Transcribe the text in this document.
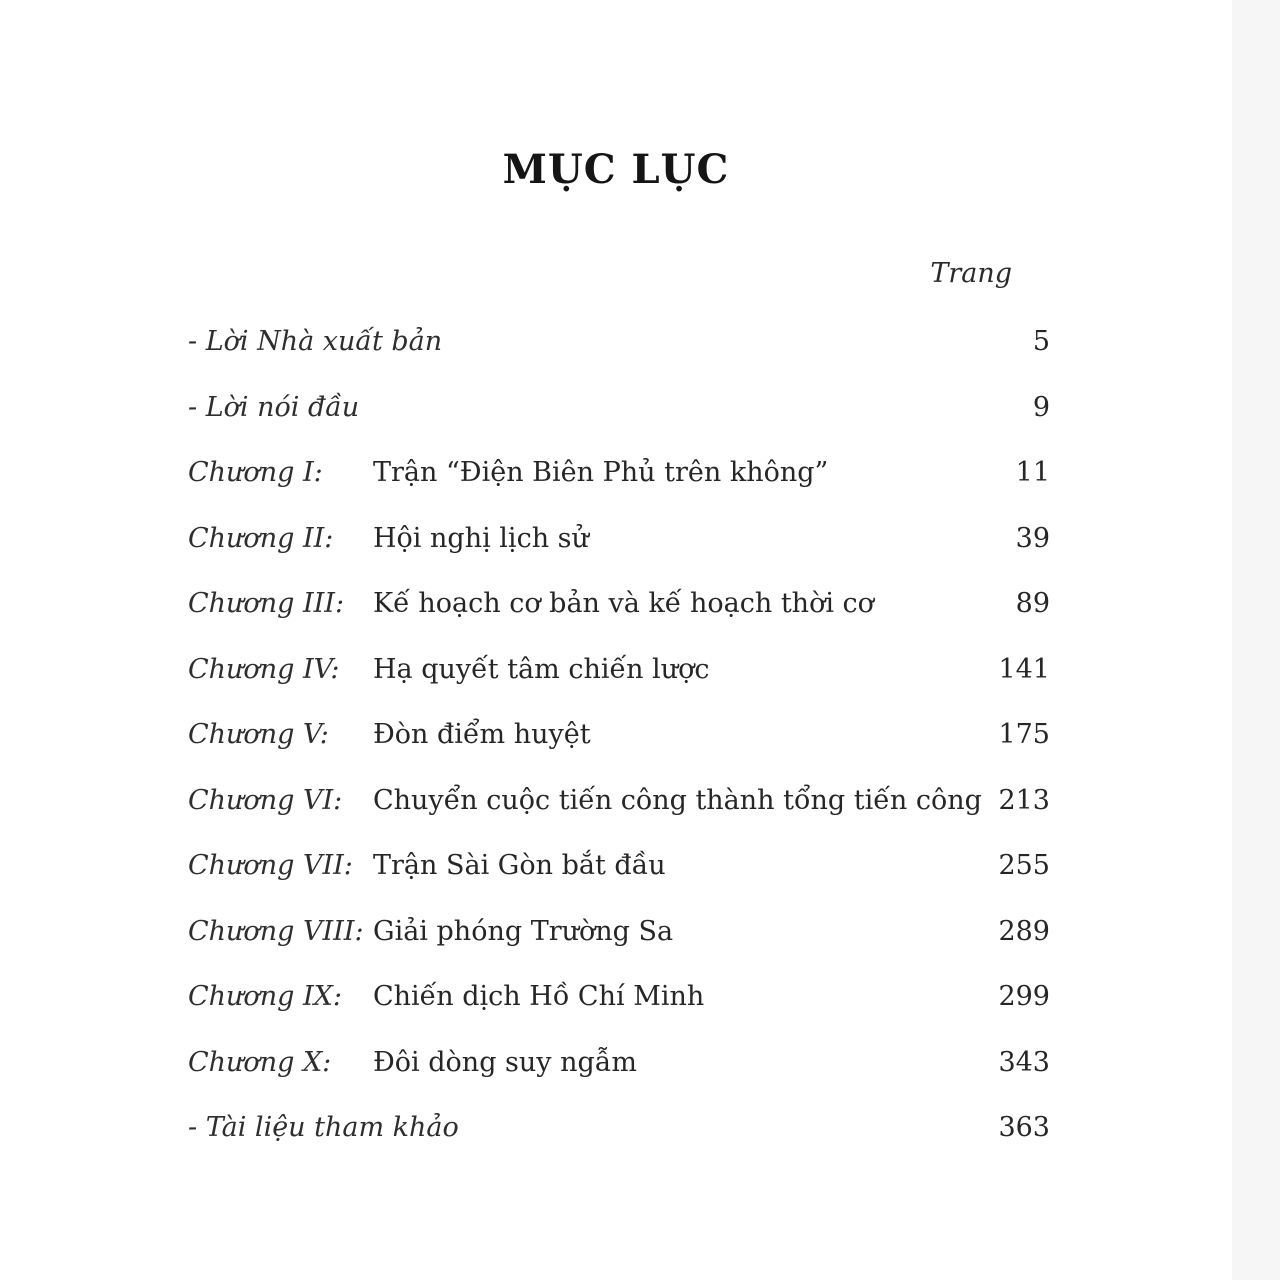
MỤC LỤC
Trang
- Lời Nhà xuất bản	5
- Lời nói đầu	9
Chương I: Trận “Điện Biên Phủ trên không”	11
Chương II: Hội nghị lịch sử	39
Chương III: Kế hoạch cơ bản và kế hoạch thời cơ	89
Chương IV: Hạ quyết tâm chiến lược	141
Chương V: Đòn điểm huyệt	175
Chương VI: Chuyển cuộc tiến công thành tổng tiến công 213
Chương VII: Trận Sài Gòn bắt đầu	255
Chương VIII: Giải phóng Trường Sa	289
Chương IX: Chiến dịch Hồ Chí Minh	299
Chương X: Đôi dòng suy ngẫm	343
- Tài liệu tham khảo	363
